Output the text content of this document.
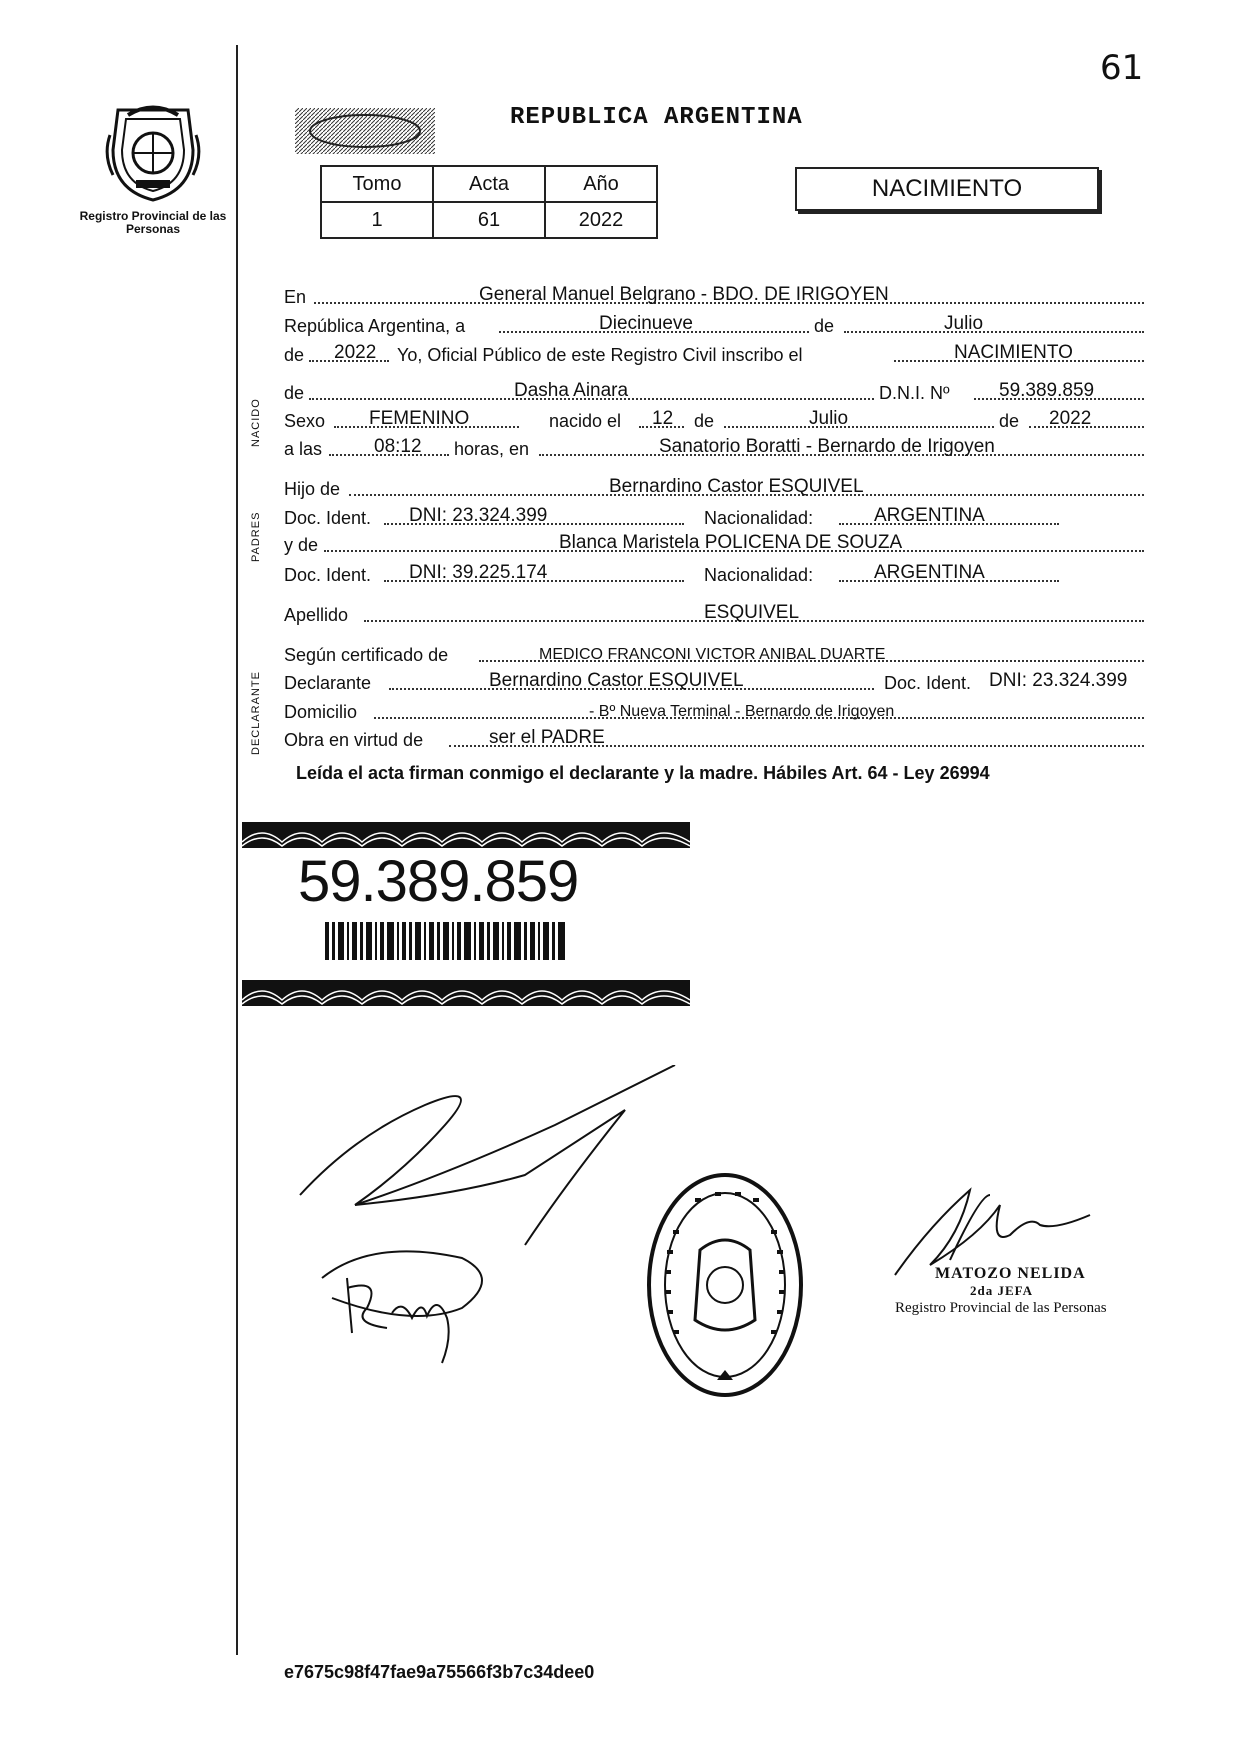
61
Registro Provincial de las Personas
REPUBLICA ARGENTINA
Tomo	Acta	Año
1	61	2022
NACIMIENTO
NACIDO
PADRES
DECLARANTE
En	General Manuel Belgrano - BDO. DE IRIGOYEN
República Argentina, a	Diecinueve	de	Julio
de 2022 Yo, Oficial Público de este Registro Civil inscribo el	NACIMIENTO
de	Dasha Ainara	D.N.I. Nº	59.389.859
Sexo FEMENINO	nacido el 12 de	Julio	de 2022
a las	08:12 horas, en	Sanatorio Boratti - Bernardo de Irigoyen
Hijo de	Bernardino Castor ESQUIVEL
Doc. Ident. DNI: 23.324.399	Nacionalidad:	ARGENTINA
y de	Blanca Maristela POLICENA DE SOUZA
Doc. Ident. DNI: 39.225.174	Nacionalidad:	ARGENTINA
Apellido	ESQUIVEL
Según certificado de	MEDICO FRANCONI VICTOR ANIBAL DUARTE
Declarante	Bernardino Castor ESQUIVEL	Doc. Ident. DNI: 23.324.399
Domicilio	- Bº Nueva Terminal - Bernardo de Irigoyen
Obra en virtud de	ser el PADRE
Leída el acta firman conmigo el declarante y la madre. Hábiles Art. 64 - Ley 26994
59.389.859
MATOZO NELIDA
2da JEFA
Registro Provincial de las Personas
e7675c98f47fae9a75566f3b7c34dee0
